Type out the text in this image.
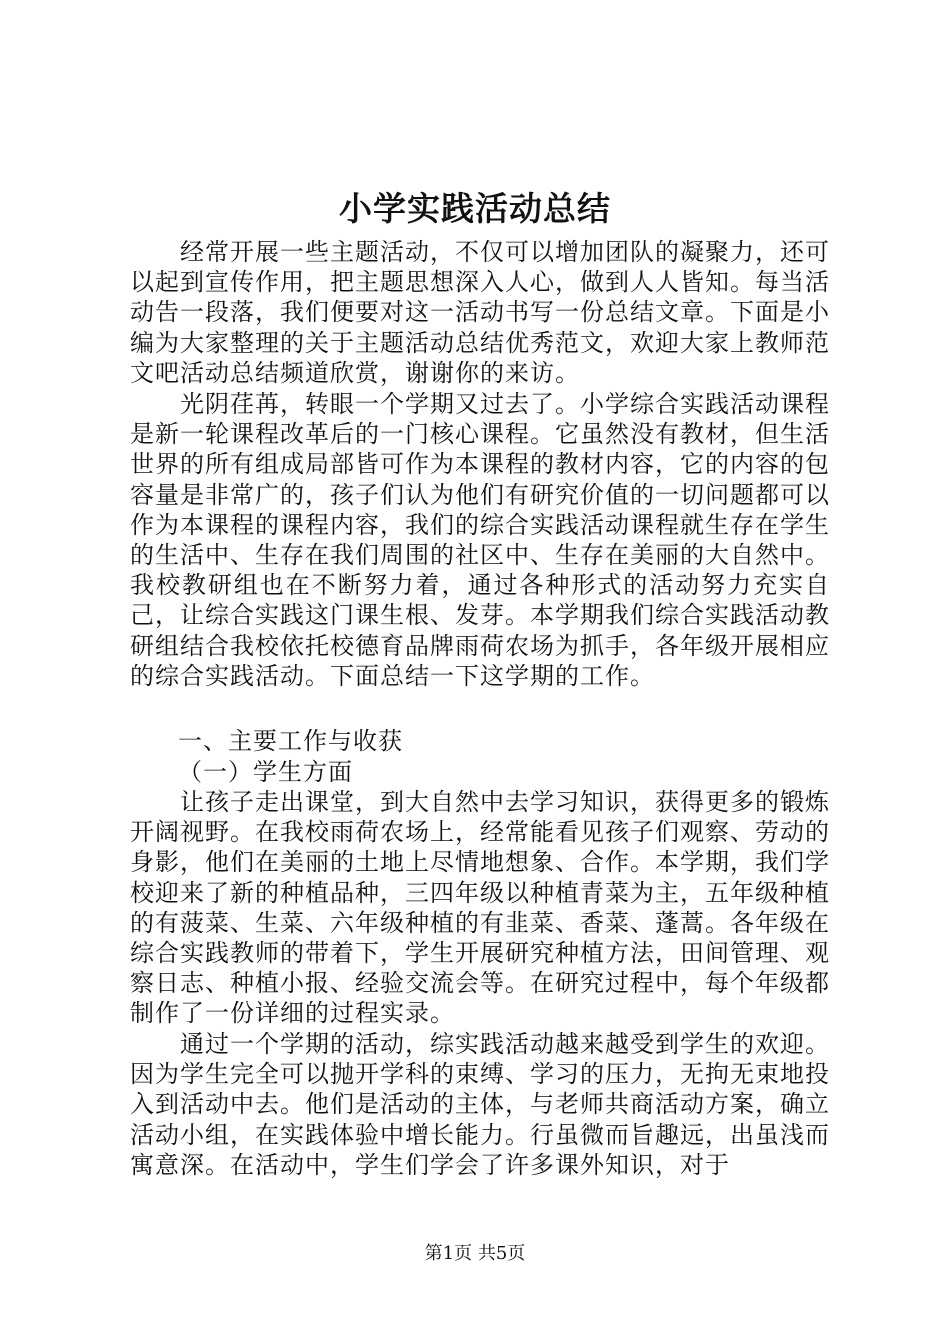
小学实践活动总结

经常开展一些主题活动，不仅可以增加团队的凝聚力，还可以起到宣传作用，把主题思想深入人心，做到人人皆知。每当活动告一段落，我们便要对这一活动书写一份总结文章。下面是小编为大家整理的关于主题活动总结优秀范文，欢迎大家上教师范文吧活动总结频道欣赏，谢谢你的来访。

光阴荏苒，转眼一个学期又过去了。小学综合实践活动课程是新一轮课程改革后的一门核心课程。它虽然没有教材，但生活世界的所有组成局部皆可作为本课程的教材内容，它的内容的包容量是非常广的，孩子们认为他们有研究价值的一切问题都可以作为本课程的课程内容，我们的综合实践活动课程就生存在学生的生活中、生存在我们周围的社区中、生存在美丽的大自然中。我校教研组也在不断努力着，通过各种形式的活动努力充实自己，让综合实践这门课生根、发芽。本学期我们综合实践活动教研组结合我校依托校德育品牌雨荷农场为抓手，各年级开展相应的综合实践活动。下面总结一下这学期的工作。

一、主要工作与收获
（一）学生方面

让孩子走出课堂，到大自然中去学习知识，获得更多的锻炼开阔视野。在我校雨荷农场上，经常能看见孩子们观察、劳动的身影，他们在美丽的土地上尽情地想象、合作。本学期，我们学校迎来了新的种植品种，三四年级以种植青菜为主，五年级种植的有菠菜、生菜、六年级种植的有韭菜、香菜、蓬蒿。各年级在综合实践教师的带着下，学生开展研究种植方法，田间管理、观察日志、种植小报、经验交流会等。在研究过程中，每个年级都制作了一份详细的过程实录。

通过一个学期的活动，综实践活动越来越受到学生的欢迎。因为学生完全可以抛开学科的束缚、学习的压力，无拘无束地投入到活动中去。他们是活动的主体，与老师共商活动方案，确立活动小组，在实践体验中增长能力。行虽微而旨趣远，出虽浅而寓意深。在活动中，学生们学会了许多课外知识，对于

第1页 共5页
